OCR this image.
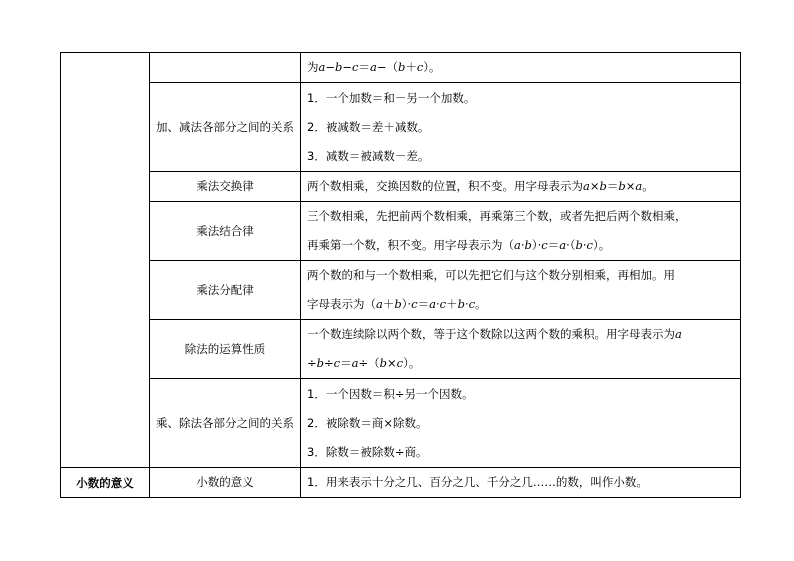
		为a−b−c＝a−（b＋c）。

	加、减法各部分之间的关系	1．一个加数＝和－另一个加数。
2．被减数＝差＋减数。
3．减数＝被减数－差。

	乘法交换律	两个数相乘，交换因数的位置，积不变。用字母表示为a×b＝b×a。

	乘法结合律	三个数相乘，先把前两个数相乘，再乘第三个数，或者先把后两个数相乘，
再乘第一个数，积不变。用字母表示为（a·b）·c＝a·（b·c）。

	乘法分配律	两个数的和与一个数相乘，可以先把它们与这个数分别相乘，再相加。用
字母表示为（a＋b）·c＝a·c＋b·c。

	除法的运算性质	一个数连续除以两个数，等于这个数除以这两个数的乘积。用字母表示为a
÷b÷c＝a÷（b×c）。

	乘、除法各部分之间的关系	1．一个因数＝积÷另一个因数。
2．被除数＝商×除数。
3．除数＝被除数÷商。

小数的意义	小数的意义	1．用来表示十分之几、百分之几、千分之几……的数，叫作小数。
